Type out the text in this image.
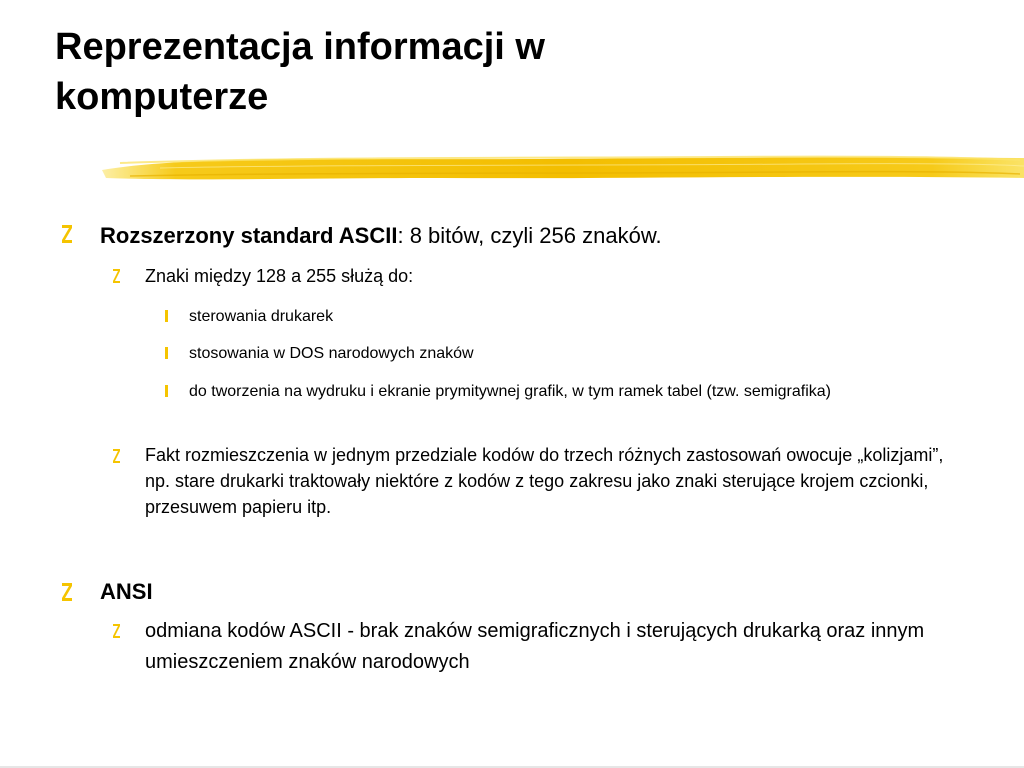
Reprezentacja informacji w
komputerze
Rozszerzony standard ASCII: 8 bitów, czyli 256 znaków.
Znaki między 128 a 255 służą do:
sterowania drukarek
stosowania w DOS narodowych znaków
do tworzenia na wydruku i ekranie prymitywnej grafik, w tym ramek tabel (tzw. semigrafika)
Fakt rozmieszczenia w jednym przedziale kodów do trzech różnych zastosowań owocuje „kolizjami”, np. stare drukarki traktowały niektóre z kodów z tego zakresu jako znaki sterujące krojem czcionki, przesuwem papieru itp.
ANSI
odmiana kodów ASCII - brak znaków semigraficznych i sterujących drukarką oraz innym umieszczeniem znaków narodowych
